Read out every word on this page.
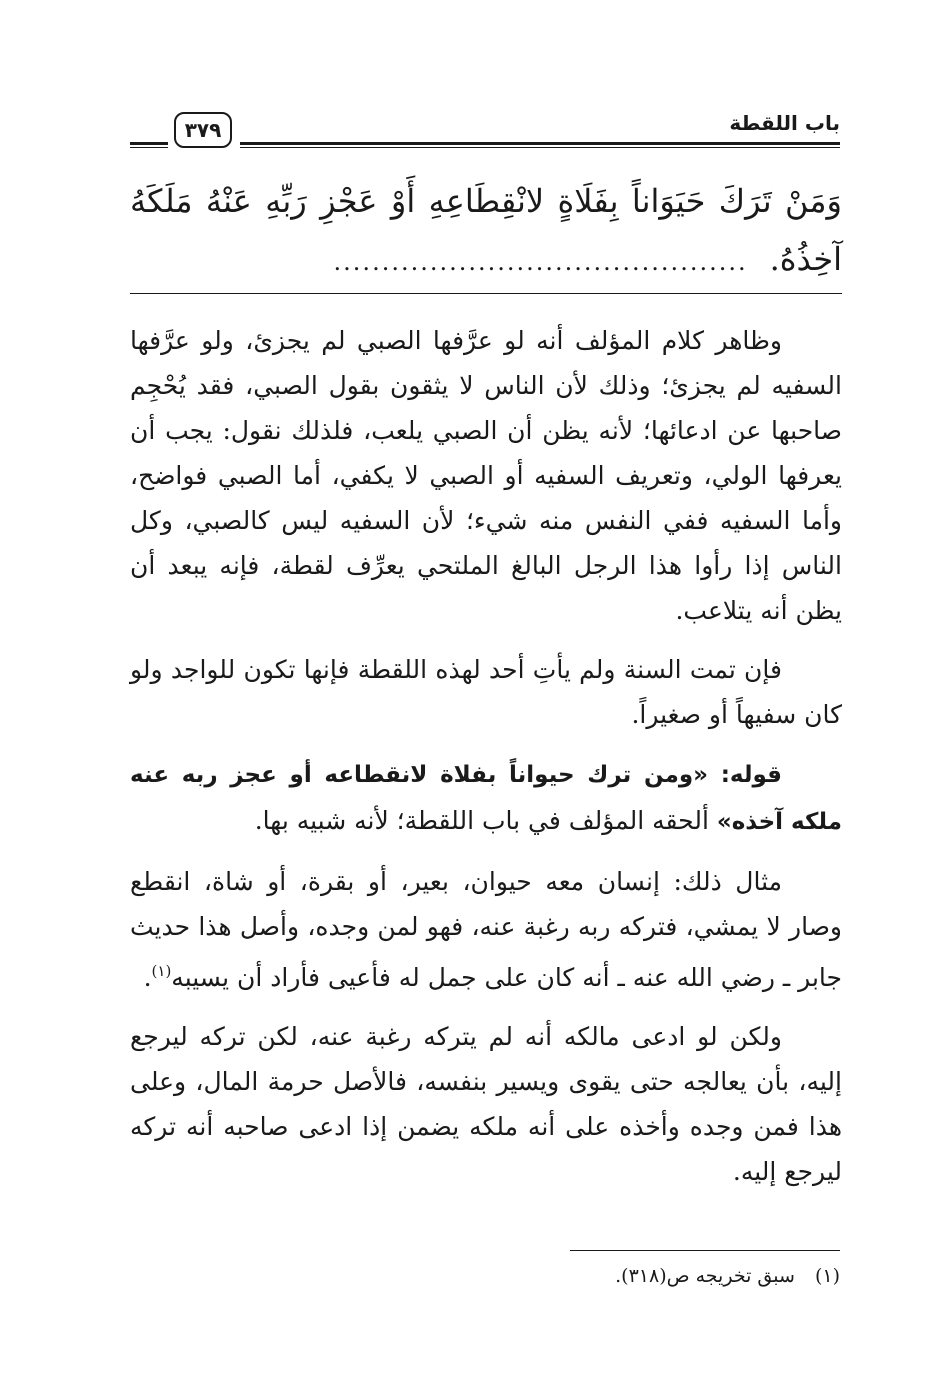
باب اللقطة
٣٧٩
وَمَنْ تَرَكَ حَيَوَاناً بِفَلَاةٍ لانْقِطَاعِهِ أَوْ عَجْزِ رَبِّهِ عَنْهُ مَلَكَهُ
آخِذُهُ............................................

وظاهر كلام المؤلف أنه لو عرَّفها الصبي لم يجزئ، ولو عرَّفها السفيه لم يجزئ؛ وذلك لأن الناس لا يثقون بقول الصبي، فقد يُحْجِم صاحبها عن ادعائها؛ لأنه يظن أن الصبي يلعب، فلذلك نقول: يجب أن يعرفها الولي، وتعريف السفيه أو الصبي لا يكفي، أما الصبي فواضح، وأما السفيه ففي النفس منه شيء؛ لأن السفيه ليس كالصبي، وكل الناس إذا رأوا هذا الرجل البالغ الملتحي يعرِّف لقطة، فإنه يبعد أن يظن أنه يتلاعب.

فإن تمت السنة ولم يأتِ أحد لهذه اللقطة فإنها تكون للواجد ولو كان سفيهاً أو صغيراً.

قوله: «ومن ترك حيواناً بفلاة لانقطاعه أو عجز ربه عنه ملكه آخذه» ألحقه المؤلف في باب اللقطة؛ لأنه شبيه بها.

مثال ذلك: إنسان معه حيوان، بعير، أو بقرة، أو شاة، انقطع وصار لا يمشي، فتركه ربه رغبة عنه، فهو لمن وجده، وأصل هذا حديث جابر ـ رضي الله عنه ـ أنه كان على جمل له فأعيى فأراد أن يسيبه$^{(١)}$.

ولكن لو ادعى مالكه أنه لم يتركه رغبة عنه، لكن تركه ليرجع إليه، بأن يعالجه حتى يقوى ويسير بنفسه، فالأصل حرمة المال، وعلى هذا فمن وجده وأخذه على أنه ملكه يضمن إذا ادعى صاحبه أنه تركه ليرجع إليه.

(١)سبق تخريجه ص(٣١٨).
